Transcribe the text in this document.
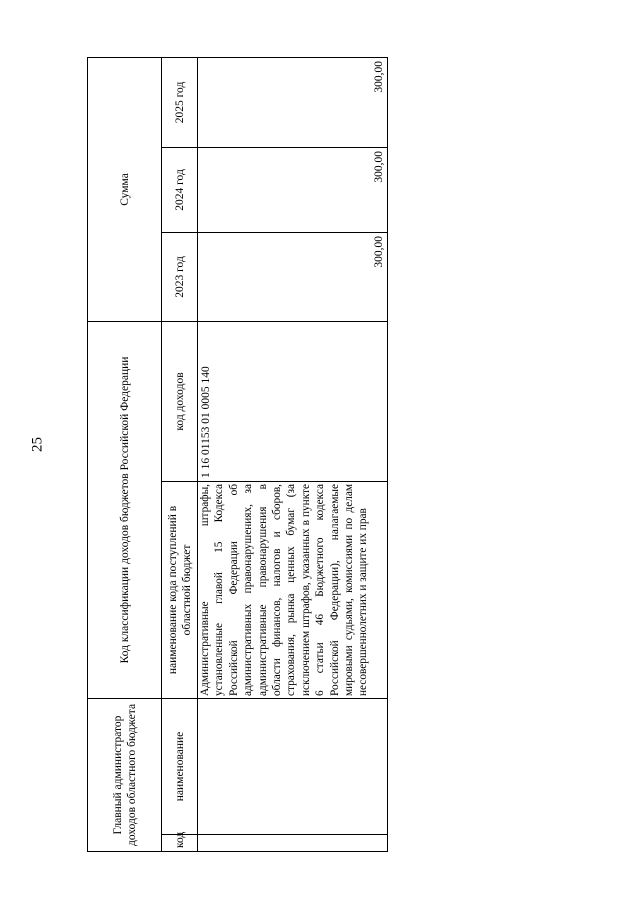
25
Главный администратор доходов областного бюджета		Код классификации доходов бюджетов Российской Федерации		Сумма		
код	наименование	наименование кода поступлений в областной бюджет	код доходов	2023 год	2024 год	2025 год
		Административные штрафы, установленные главой 15 Кодекса Российской Федерации об административных правонарушениях, за административные правонарушения в области финансов, налогов и сборов, страхования, рынка ценных бумаг (за исключением штрафов, указанных в пункте 6 статьи 46 Бюджетного кодекса Российской Федерации), налагаемые мировыми судьями, комиссиями по делам несовершеннолетних и защите их прав	1 16 01153 01 0005 140	300,00	300,00	300,00
